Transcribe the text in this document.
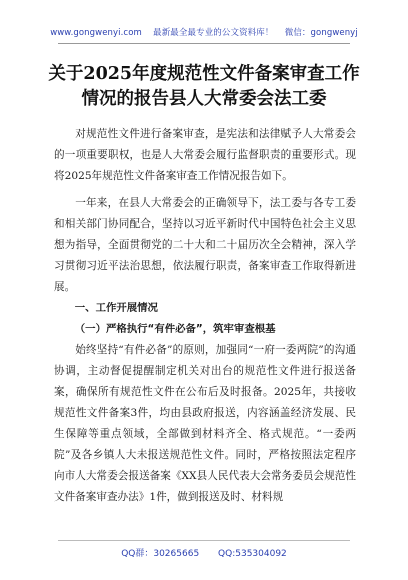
www.gongwenyi.com 最新最全最专业的公文资料库！ 微信：gongwenyj
关于2025年度规范性文件备案审查工作
情况的报告县人大常委会法工委

对规范性文件进行备案审查，是宪法和法律赋予人大常委会的一项重要职权，也是人大常委会履行监督职责的重要形式。现将2025年规范性文件备案审查工作情况报告如下。

一年来，在县人大常委会的正确领导下，法工委与各专工委和相关部门协同配合，坚持以习近平新时代中国特色社会主义思想为指导，全面贯彻党的二十大和二十届历次全会精神，深入学习贯彻习近平法治思想，依法履行职责，备案审查工作取得新进展。

一、工作开展情况

（一）严格执行“有件必备”，筑牢审查根基

始终坚持“有件必备”的原则，加强同“一府一委两院”的沟通协调，主动督促提醒制定机关对出台的规范性文件进行报送备案，确保所有规范性文件在公布后及时报备。2025年，共接收规范性文件备案3件，均由县政府报送，内容涵盖经济发展、民生保障等重点领域，全部做到材料齐全、格式规范。“一委两院”及各乡镇人大未报送规范性文件。同时，严格按照法定程序向市人大常委会报送备案《XX县人民代表大会常务委员会规范性文件备案审查办法》1件，做到报送及时、材料规

QQ群：30265665 QQ:535304092
